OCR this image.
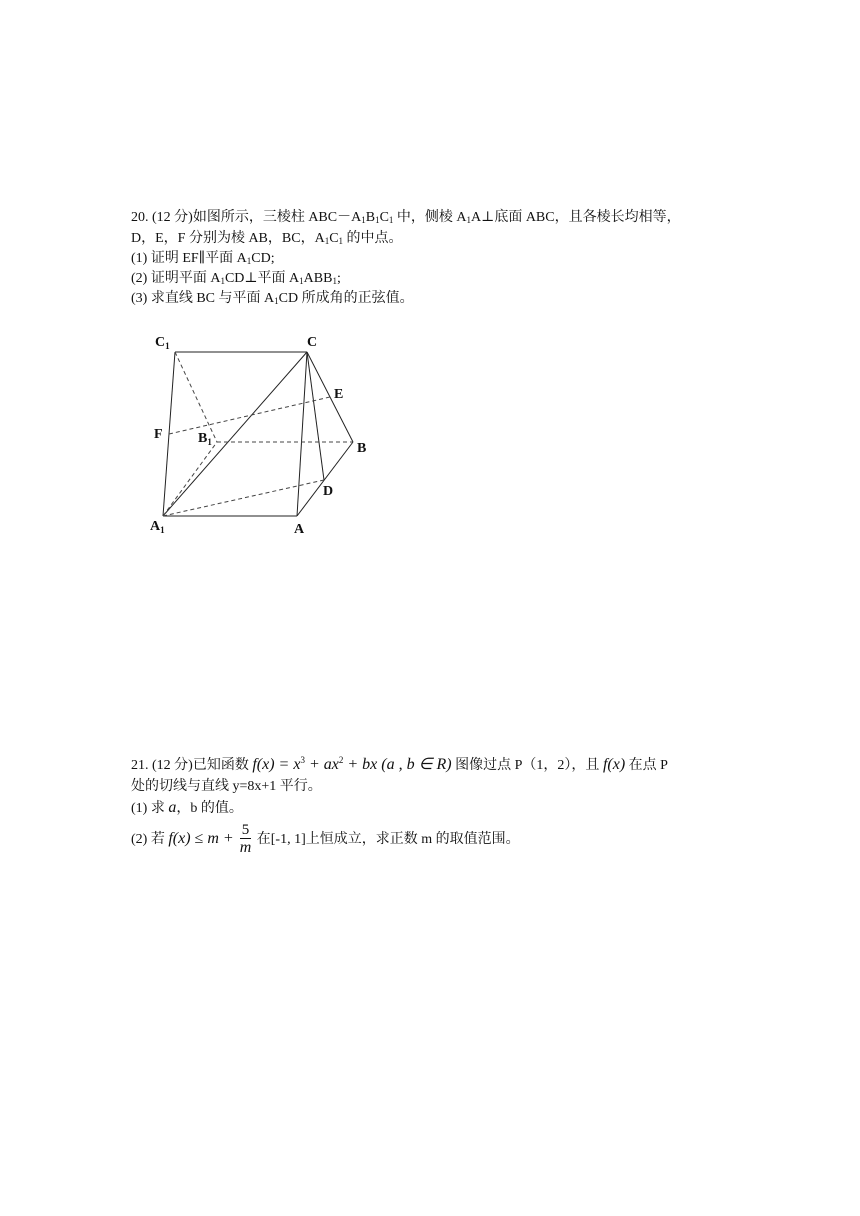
20. (12 分)如图所示，三棱柱 $ABC-A_1B_1C_1$ 中，侧棱 $A_1A\perp$底面 ABC，且各棱长均相等，
D，E，F 分别为棱 AB，BC，$A_1C_1$ 的中点。
(1) 证明 EF∥平面 $A_1CD$;
(2) 证明平面 $A_1CD\perp$平面 $A_1ABB_1$;
(3) 求直线 BC 与平面 $A_1CD$ 所成角的正弦值。
$C_1$	C
E
F	$B_1$	B
D
$A_1$	A
21. (12 分)已知函数 $f(x) = x^3 + ax^2$ + bx (a , b ∈ R) 图像过点 P（1，2），且 f(x) 在点 P
处的切线与直线 y=8x+1 平行。
(1) 求 a，b 的值。
(2) 若 $f(x) \le m + \frac{5}{m}$ 在[-1, 1]上恒成立，求正数 m 的取值范围。
